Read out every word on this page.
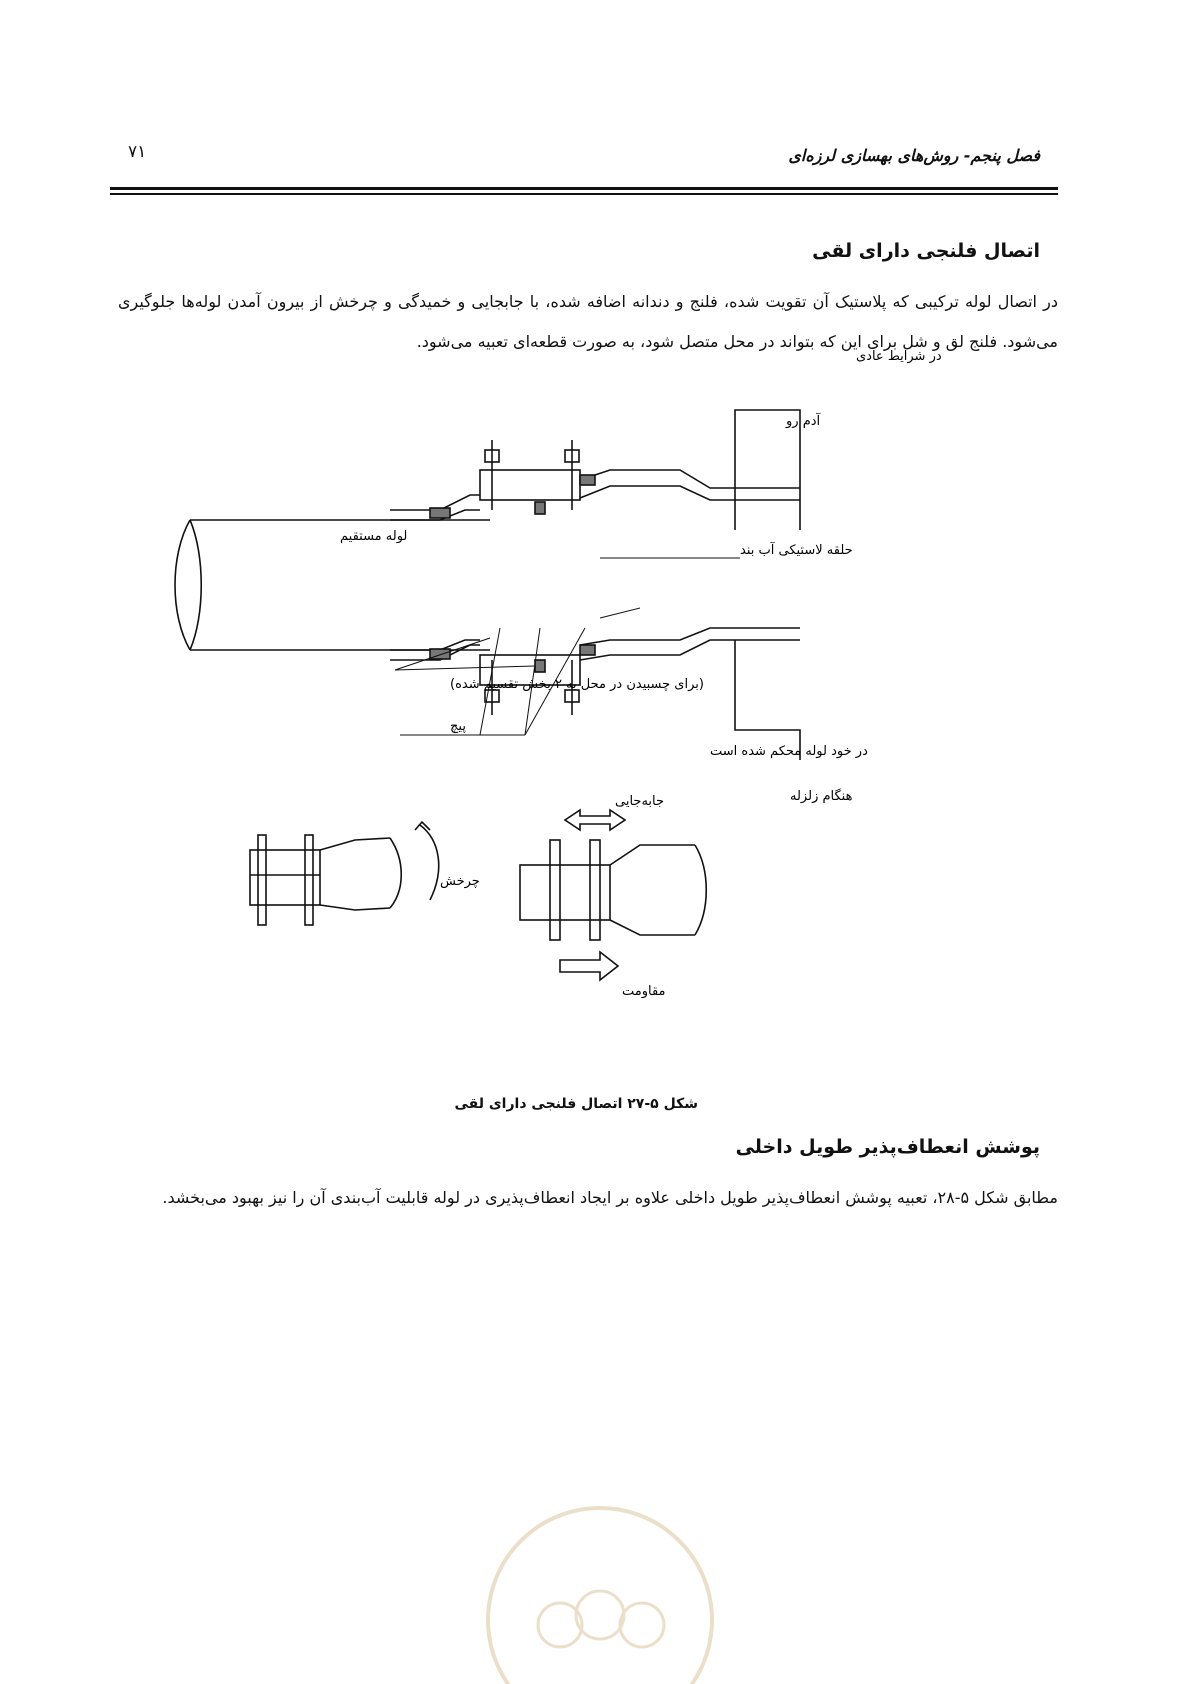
فصل پنجم- روش‌های بهسازی لرزه‌ای
۷۱
اتصال فلنجی دارای لقی
در اتصال لوله ترکیبی که پلاستیک آن تقویت شده، فلنج و دندانه اضافه شده، با جابجایی و خمیدگی و چرخش از بیرون آمدن لوله‌ها جلوگیری می‌شود. فلنج لق و شل برای این که بتواند در محل متصل شود، به صورت قطعه‌ای تعبیه می‌شود.
در شرایط عادی
آدم رو
لوله مستقیم
حلقه لاستیکی آب بند
(برای چسبیدن در محل به ۲ بخش تقسیم شده)
پیچ
در خود لوله محکم شده است
هنگام زلزله
جابه‌جایی
چرخش
مقاومت
شکل ۵-۲۷ اتصال فلنجی دارای لقی
پوشش انعطاف‌پذیر طویل داخلی
مطابق شکل ۵-۲۸، تعبیه پوشش انعطاف‌پذیر طویل داخلی علاوه بر ایجاد انعطاف‌پذیری در لوله قابلیت آب‌بندی آن را نیز بهبود می‌بخشد.
